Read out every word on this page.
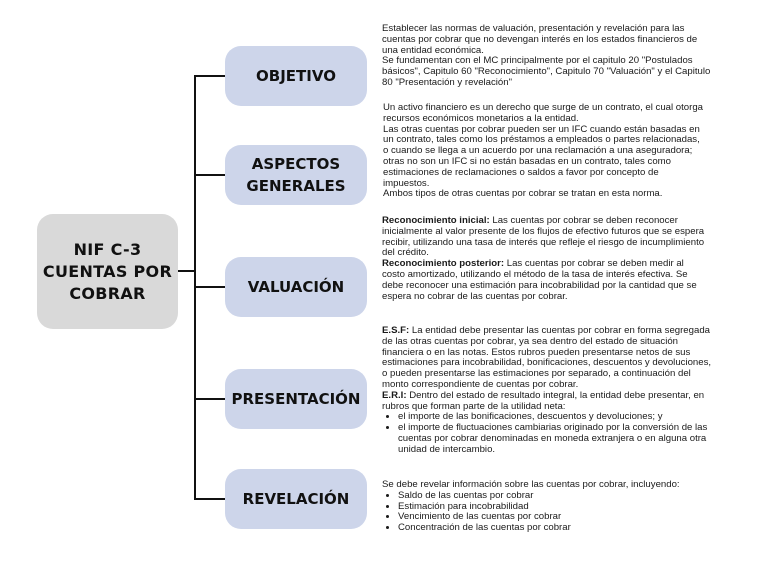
NIF C-3
CUENTAS POR
COBRAR
OBJETIVO
ASPECTOS
GENERALES
VALUACIÓN
PRESENTACIÓN
REVELACIÓN

Establecer las normas de valuación, presentación y revelación para las cuentas por cobrar que no devengan interés en los estados financieros de una entidad económica.

Se fundamentan con el MC principalmente por el capitulo 20 "Postulados básicos", Capitulo 60 "Reconocimiento", Capitulo 70 "Valuación" y el Capitulo 80 "Presentación y revelación"

Un activo financiero es un derecho que surge de un contrato, el cual otorga recursos económicos monetarios a la entidad.

Las otras cuentas por cobrar pueden ser un IFC cuando están basadas en un contrato, tales como los préstamos a empleados o partes relacionadas, o cuando se llega a un acuerdo por una reclamación a una aseguradora; otras no son un IFC si no están basadas en un contrato, tales como estimaciones de reclamaciones o saldos a favor por concepto de impuestos.

Ambos tipos de otras cuentas por cobrar se tratan en esta norma.

Reconocimiento inicial: Las cuentas por cobrar se deben reconocer inicialmente al valor presente de los flujos de efectivo futuros que se espera recibir, utilizando una tasa de interés que refleje el riesgo de incumplimiento del crédito.

Reconocimiento posterior: Las cuentas por cobrar se deben medir al costo amortizado, utilizando el método de la tasa de interés efectiva. Se debe reconocer una estimación para incobrabilidad por la cantidad que se espera no cobrar de las cuentas por cobrar.

E.S.F: La entidad debe presentar las cuentas por cobrar en forma segregada de las otras cuentas por cobrar, ya sea dentro del estado de situación financiera o en las notas. Estos rubros pueden presentarse netos de sus estimaciones para incobrabilidad, bonificaciones, descuentos y devoluciones, o pueden presentarse las estimaciones por separado, a continuación del monto correspondiente de cuentas por cobrar.

E.R.I: Dentro del estado de resultado integral, la entidad debe presentar, en rubros que forman parte de la utilidad neta:

• el importe de las bonificaciones, descuentos y devoluciones; y
• el importe de fluctuaciones cambiarias originado por la conversión de las cuentas por cobrar denominadas en moneda extranjera o en alguna otra unidad de intercambio.

Se debe revelar información sobre las cuentas por cobrar, incluyendo:

• Saldo de las cuentas por cobrar
• Estimación para incobrabilidad
• Vencimiento de las cuentas por cobrar
• Concentración de las cuentas por cobrar
